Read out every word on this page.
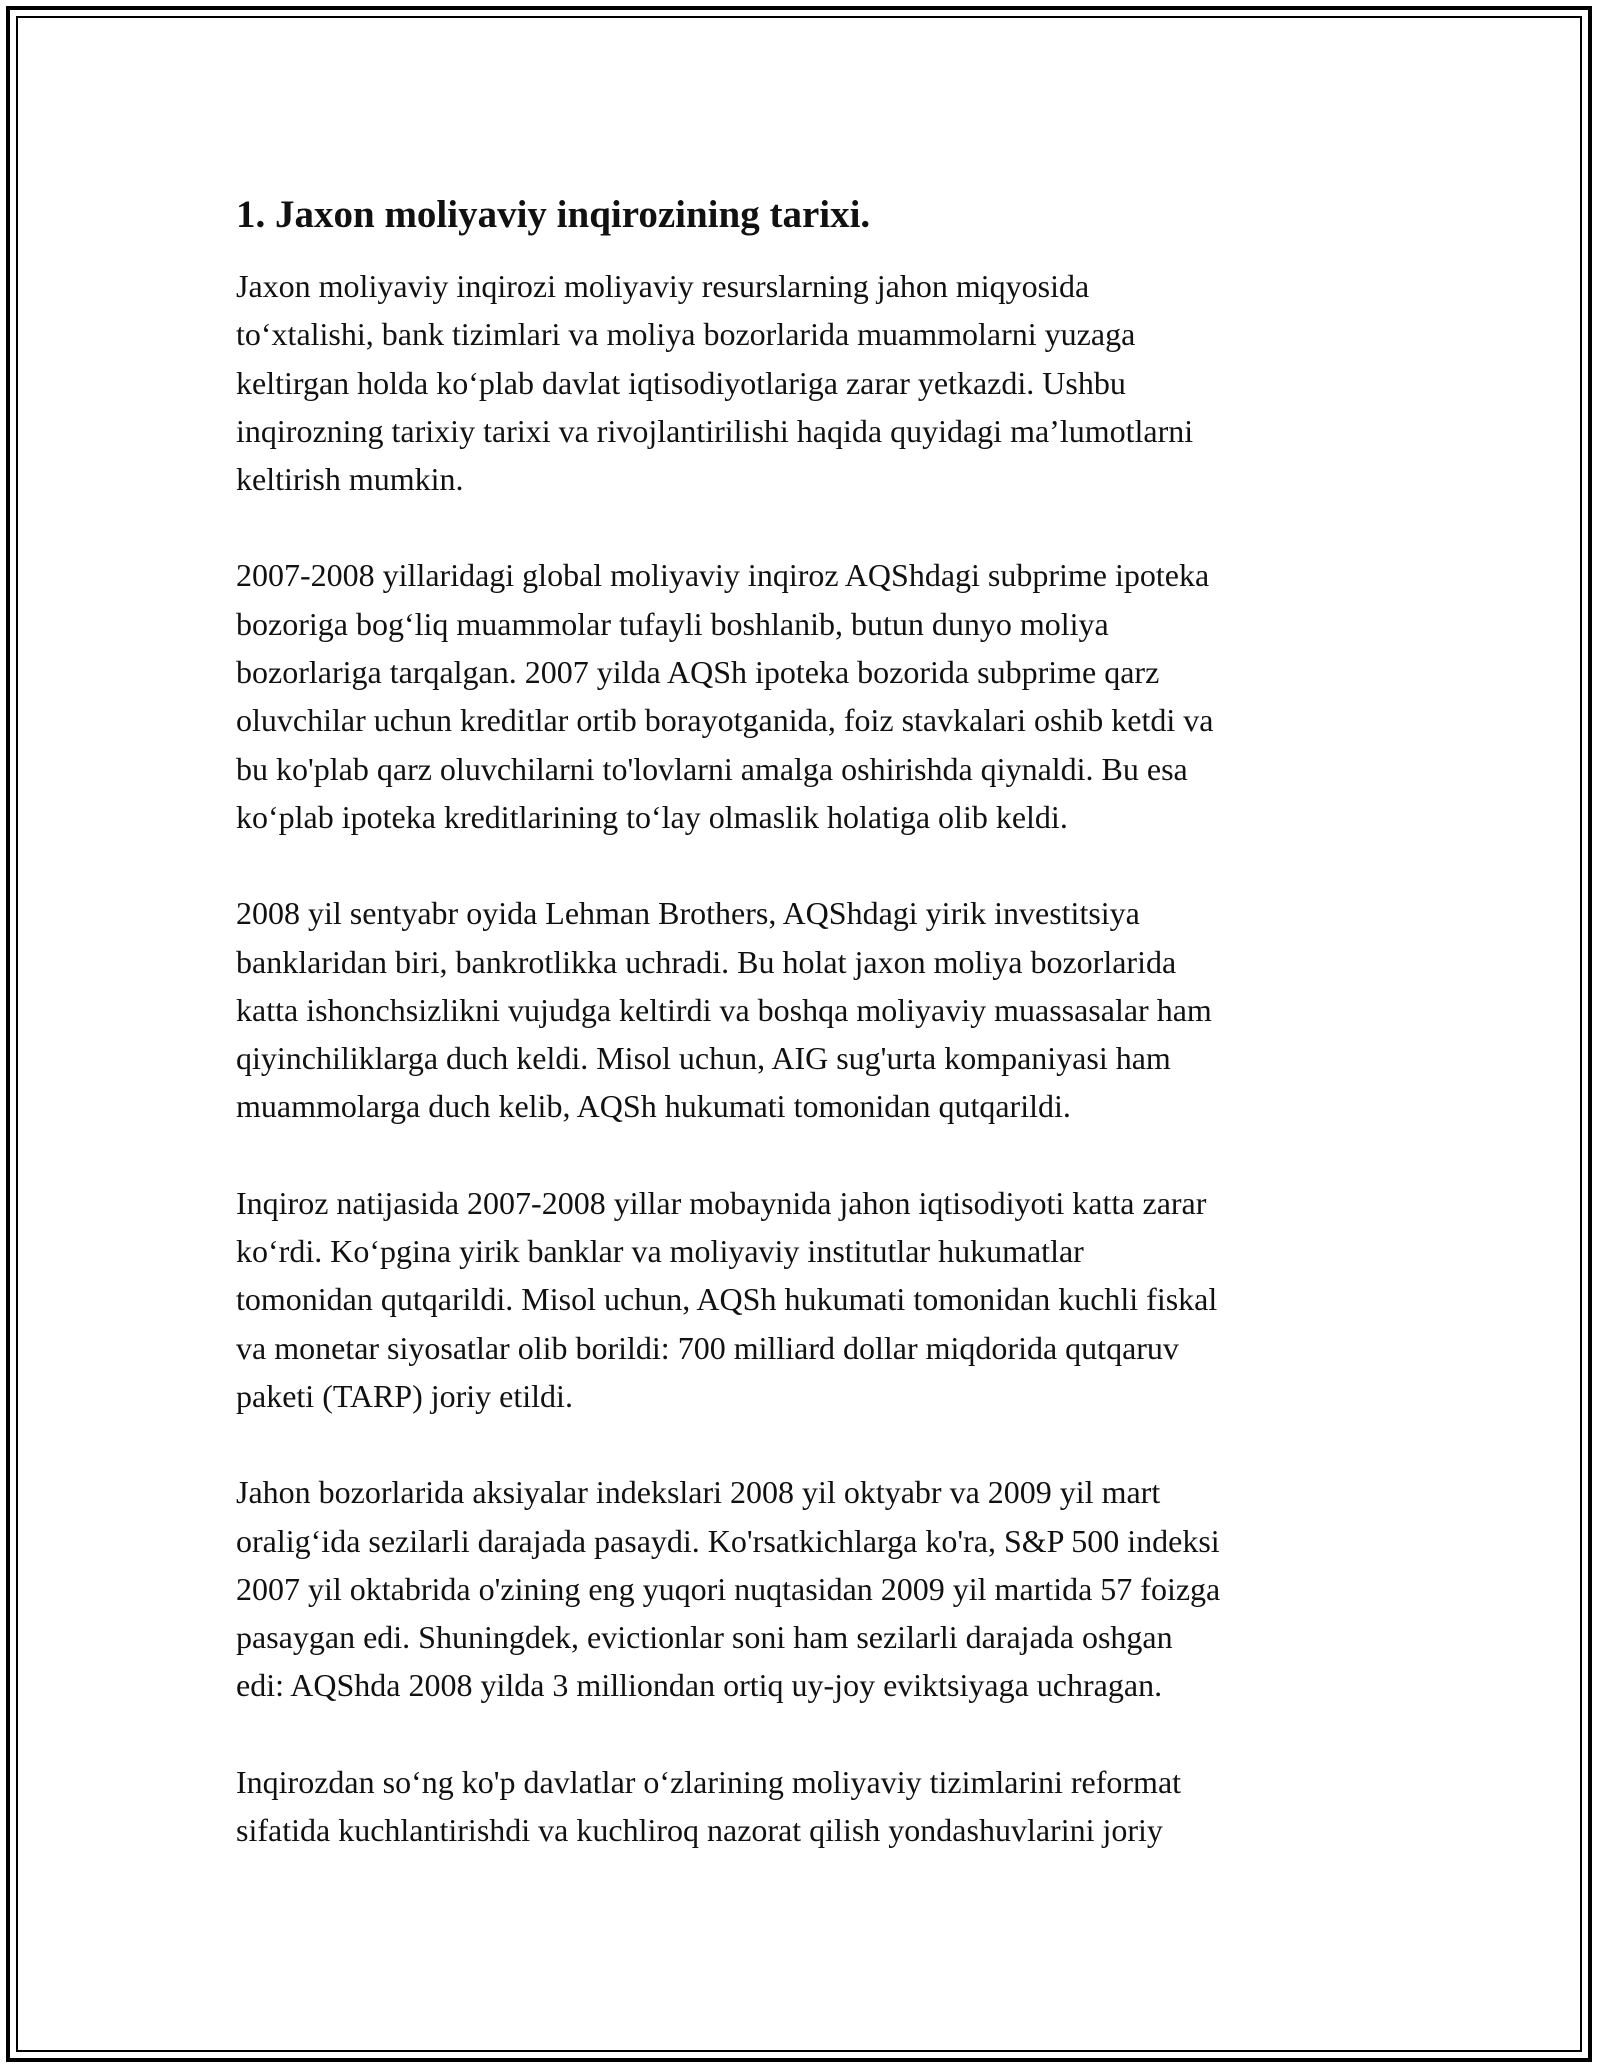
1. Jaxon moliyaviy inqirozining tarixi.

Jaxon moliyaviy inqirozi moliyaviy resurslarning jahon miqyosida
to‘xtalishi, bank tizimlari va moliya bozorlarida muammolarni yuzaga
keltirgan holda ko‘plab davlat iqtisodiyotlariga zarar yetkazdi. Ushbu
inqirozning tarixiy tarixi va rivojlantirilishi haqida quyidagi ma’lumotlarni
keltirish mumkin.

2007-2008 yillaridagi global moliyaviy inqiroz AQShdagi subprime ipoteka
bozoriga bog‘liq muammolar tufayli boshlanib, butun dunyo moliya
bozorlariga tarqalgan. 2007 yilda AQSh ipoteka bozorida subprime qarz
oluvchilar uchun kreditlar ortib borayotganida, foiz stavkalari oshib ketdi va
bu ko'plab qarz oluvchilarni to'lovlarni amalga oshirishda qiynaldi. Bu esa
ko‘plab ipoteka kreditlarining to‘lay olmaslik holatiga olib keldi.

2008 yil sentyabr oyida Lehman Brothers, AQShdagi yirik investitsiya
banklaridan biri, bankrotlikka uchradi. Bu holat jaxon moliya bozorlarida
katta ishonchsizlikni vujudga keltirdi va boshqa moliyaviy muassasalar ham
qiyinchiliklarga duch keldi. Misol uchun, AIG sug'urta kompaniyasi ham
muammolarga duch kelib, AQSh hukumati tomonidan qutqarildi.

Inqiroz natijasida 2007-2008 yillar mobaynida jahon iqtisodiyoti katta zarar
ko‘rdi. Ko‘pgina yirik banklar va moliyaviy institutlar hukumatlar
tomonidan qutqarildi. Misol uchun, AQSh hukumati tomonidan kuchli fiskal
va monetar siyosatlar olib borildi: 700 milliard dollar miqdorida qutqaruv
paketi (TARP) joriy etildi.

Jahon bozorlarida aksiyalar indekslari 2008 yil oktyabr va 2009 yil mart
oralig‘ida sezilarli darajada pasaydi. Ko'rsatkichlarga ko'ra, S&P 500 indeksi
2007 yil oktabrida o'zining eng yuqori nuqtasidan 2009 yil martida 57 foizga
pasaygan edi. Shuningdek, evictionlar soni ham sezilarli darajada oshgan
edi: AQShda 2008 yilda 3 milliondan ortiq uy-joy eviktsiyaga uchragan.

Inqirozdan so‘ng ko'p davlatlar o‘zlarining moliyaviy tizimlarini reformat
sifatida kuchlantirishdi va kuchliroq nazorat qilish yondashuvlarini joriy
